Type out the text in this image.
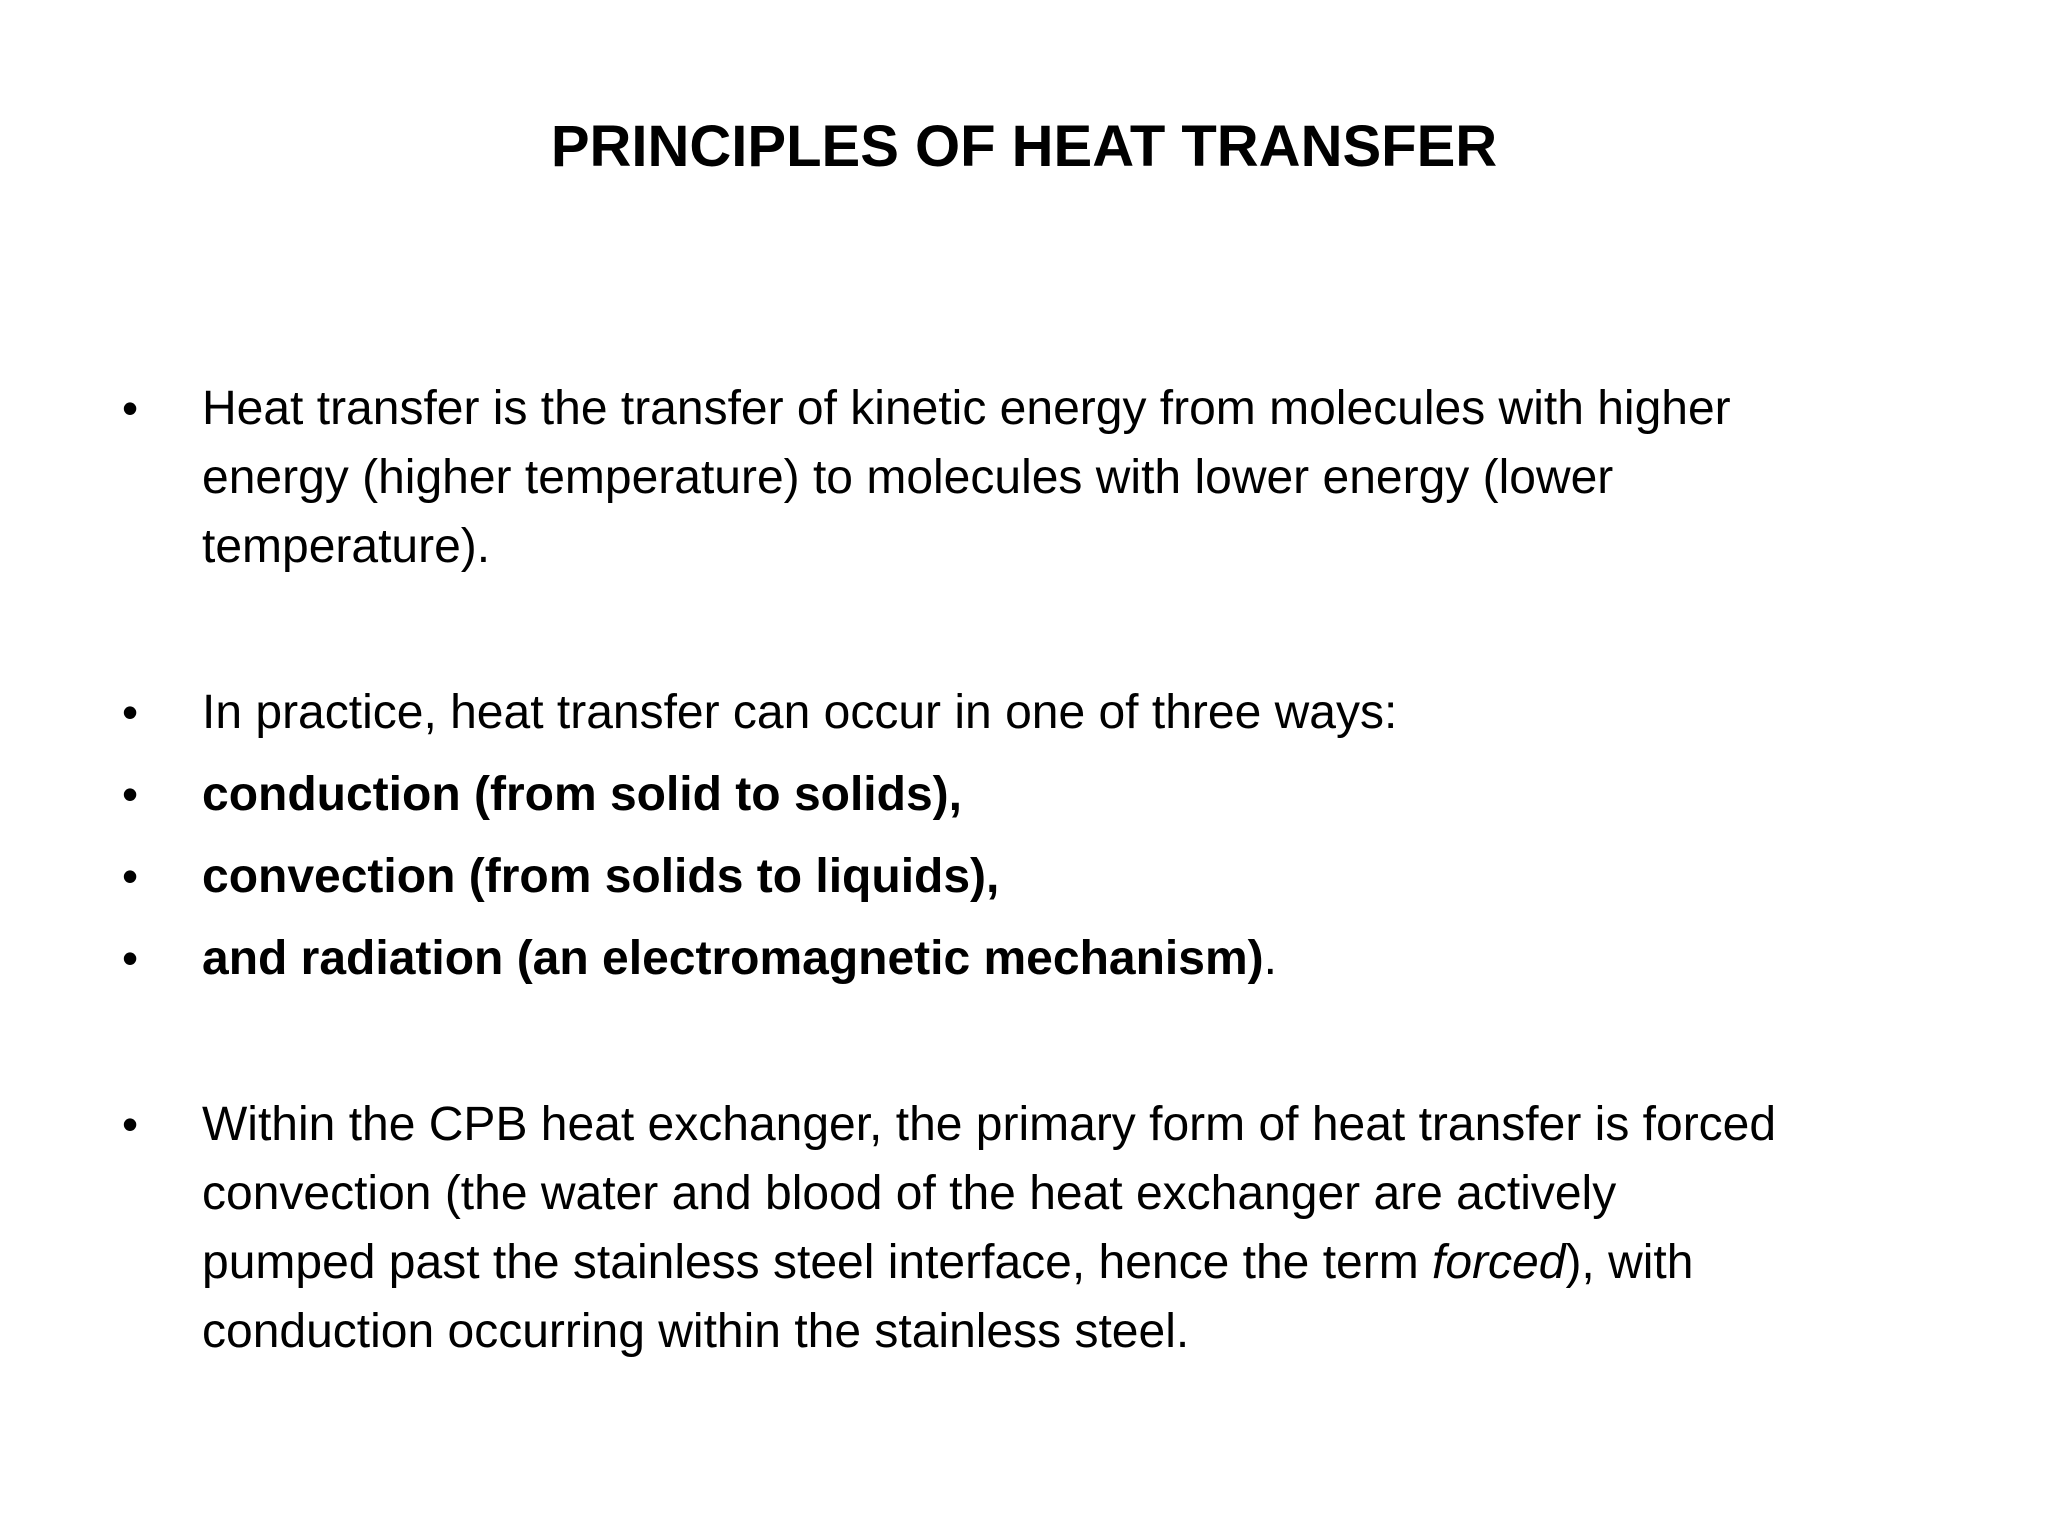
PRINCIPLES OF HEAT TRANSFER
• Heat transfer is the transfer of kinetic energy from molecules with higher
energy (higher temperature) to molecules with lower energy (lower
temperature).
• In practice, heat transfer can occur in one of three ways:
• conduction (from solid to solids),
• convection (from solids to liquids),
• and radiation (an electromagnetic mechanism).
• Within the CPB heat exchanger, the primary form of heat transfer is forced
convection (the water and blood of the heat exchanger are actively
pumped past the stainless steel interface, hence the term forced), with
conduction occurring within the stainless steel.
